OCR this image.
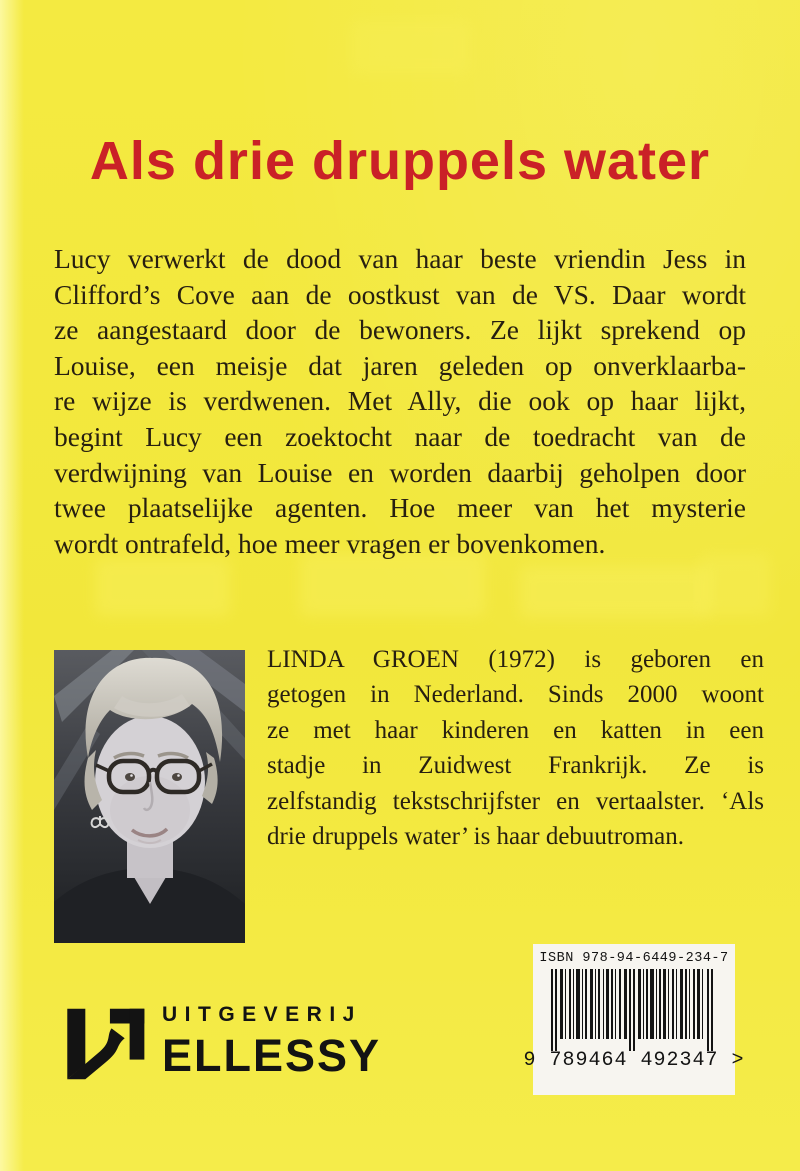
Als drie druppels water
Lucy verwerkt de dood van haar beste vriendin Jess in
Clifford’s Cove aan de oostkust van de VS. Daar wordt
ze aangestaard door de bewoners. Ze lijkt sprekend op
Louise, een meisje dat jaren geleden op onverklaarba-
re wijze is verdwenen. Met Ally, die ook op haar lijkt,
begint Lucy een zoektocht naar de toedracht van de
verdwijning van Louise en worden daarbij geholpen door
twee plaatselijke agenten. Hoe meer van het mysterie
wordt ontrafeld, hoe meer vragen er bovenkomen.
LINDA GROEN (1972) is geboren en
getogen in Nederland. Sinds 2000 woont
ze met haar kinderen en katten in een
stadje in Zuidwest Frankrijk. Ze is
zelfstandig tekstschrijfster en vertaalster. ‘Als
drie druppels water’ is haar debuutroman.
UITGEVERIJ
ELLESSY
ISBN 978-94-6449-234-7
9 789464 492347 >
